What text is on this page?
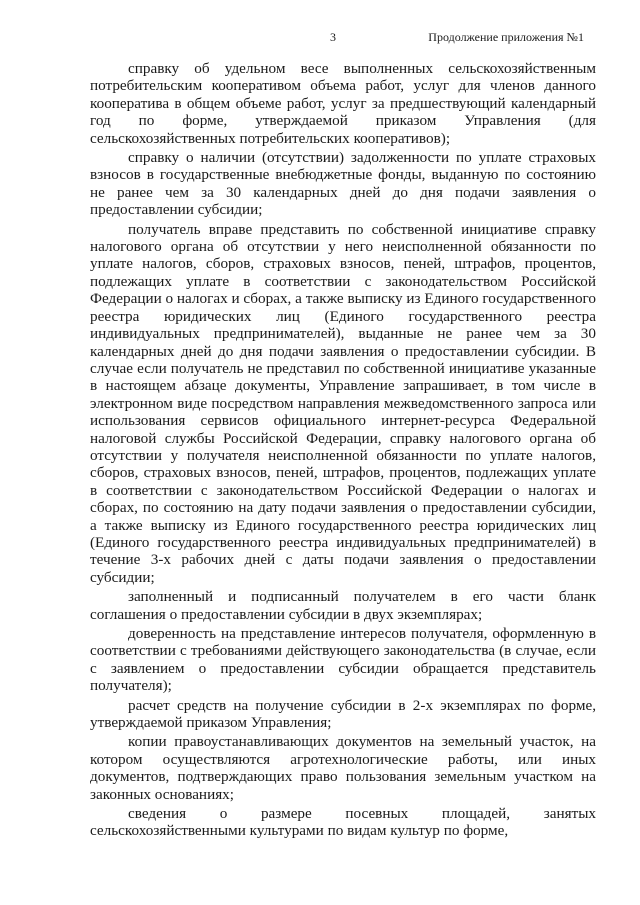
3	Продолжение приложения №1

справку об удельном весе выполненных сельскохозяйственным потребительским кооперативом объема работ, услуг для членов данного кооператива в общем объеме работ, услуг за предшествующий календарный год по форме, утверждаемой приказом Управления (для сельскохозяйственных потребительских кооперативов);

справку о наличии (отсутствии) задолженности по уплате страховых взносов в государственные внебюджетные фонды, выданную по состоянию не ранее чем за 30 календарных дней до дня подачи заявления о предоставлении субсидии;

получатель вправе представить по собственной инициативе справку налогового органа об отсутствии у него неисполненной обязанности по уплате налогов, сборов, страховых взносов, пеней, штрафов, процентов, подлежащих уплате в соответствии с законодательством Российской Федерации о налогах и сборах, а также выписку из Единого государственного реестра юридических лиц (Единого государственного реестра индивидуальных предпринимателей), выданные не ранее чем за 30 календарных дней до дня подачи заявления о предоставлении субсидии. В случае если получатель не представил по собственной инициативе указанные в настоящем абзаце документы, Управление запрашивает, в том числе в электронном виде посредством направления межведомственного запроса или использования сервисов официального интернет-ресурса Федеральной налоговой службы Российской Федерации, справку налогового органа об отсутствии у получателя неисполненной обязанности по уплате налогов, сборов, страховых взносов, пеней, штрафов, процентов, подлежащих уплате в соответствии с законодательством Российской Федерации о налогах и сборах, по состоянию на дату подачи заявления о предоставлении субсидии, а также выписку из Единого государственного реестра юридических лиц (Единого государственного реестра индивидуальных предпринимателей) в течение 3-х рабочих дней с даты подачи заявления о предоставлении субсидии;

заполненный и подписанный получателем в его части бланк соглашения о предоставлении субсидии в двух экземплярах;

доверенность на представление интересов получателя, оформленную в соответствии с требованиями действующего законодательства (в случае, если с заявлением о предоставлении субсидии обращается представитель получателя);

расчет средств на получение субсидии в 2-х экземплярах по форме, утверждаемой приказом Управления;

копии правоустанавливающих документов на земельный участок, на котором осуществляются агротехнологические работы, или иных документов, подтверждающих право пользования земельным участком на законных основаниях;

сведения о размере посевных площадей, занятых сельскохозяйственными культурами по видам культур по форме,
